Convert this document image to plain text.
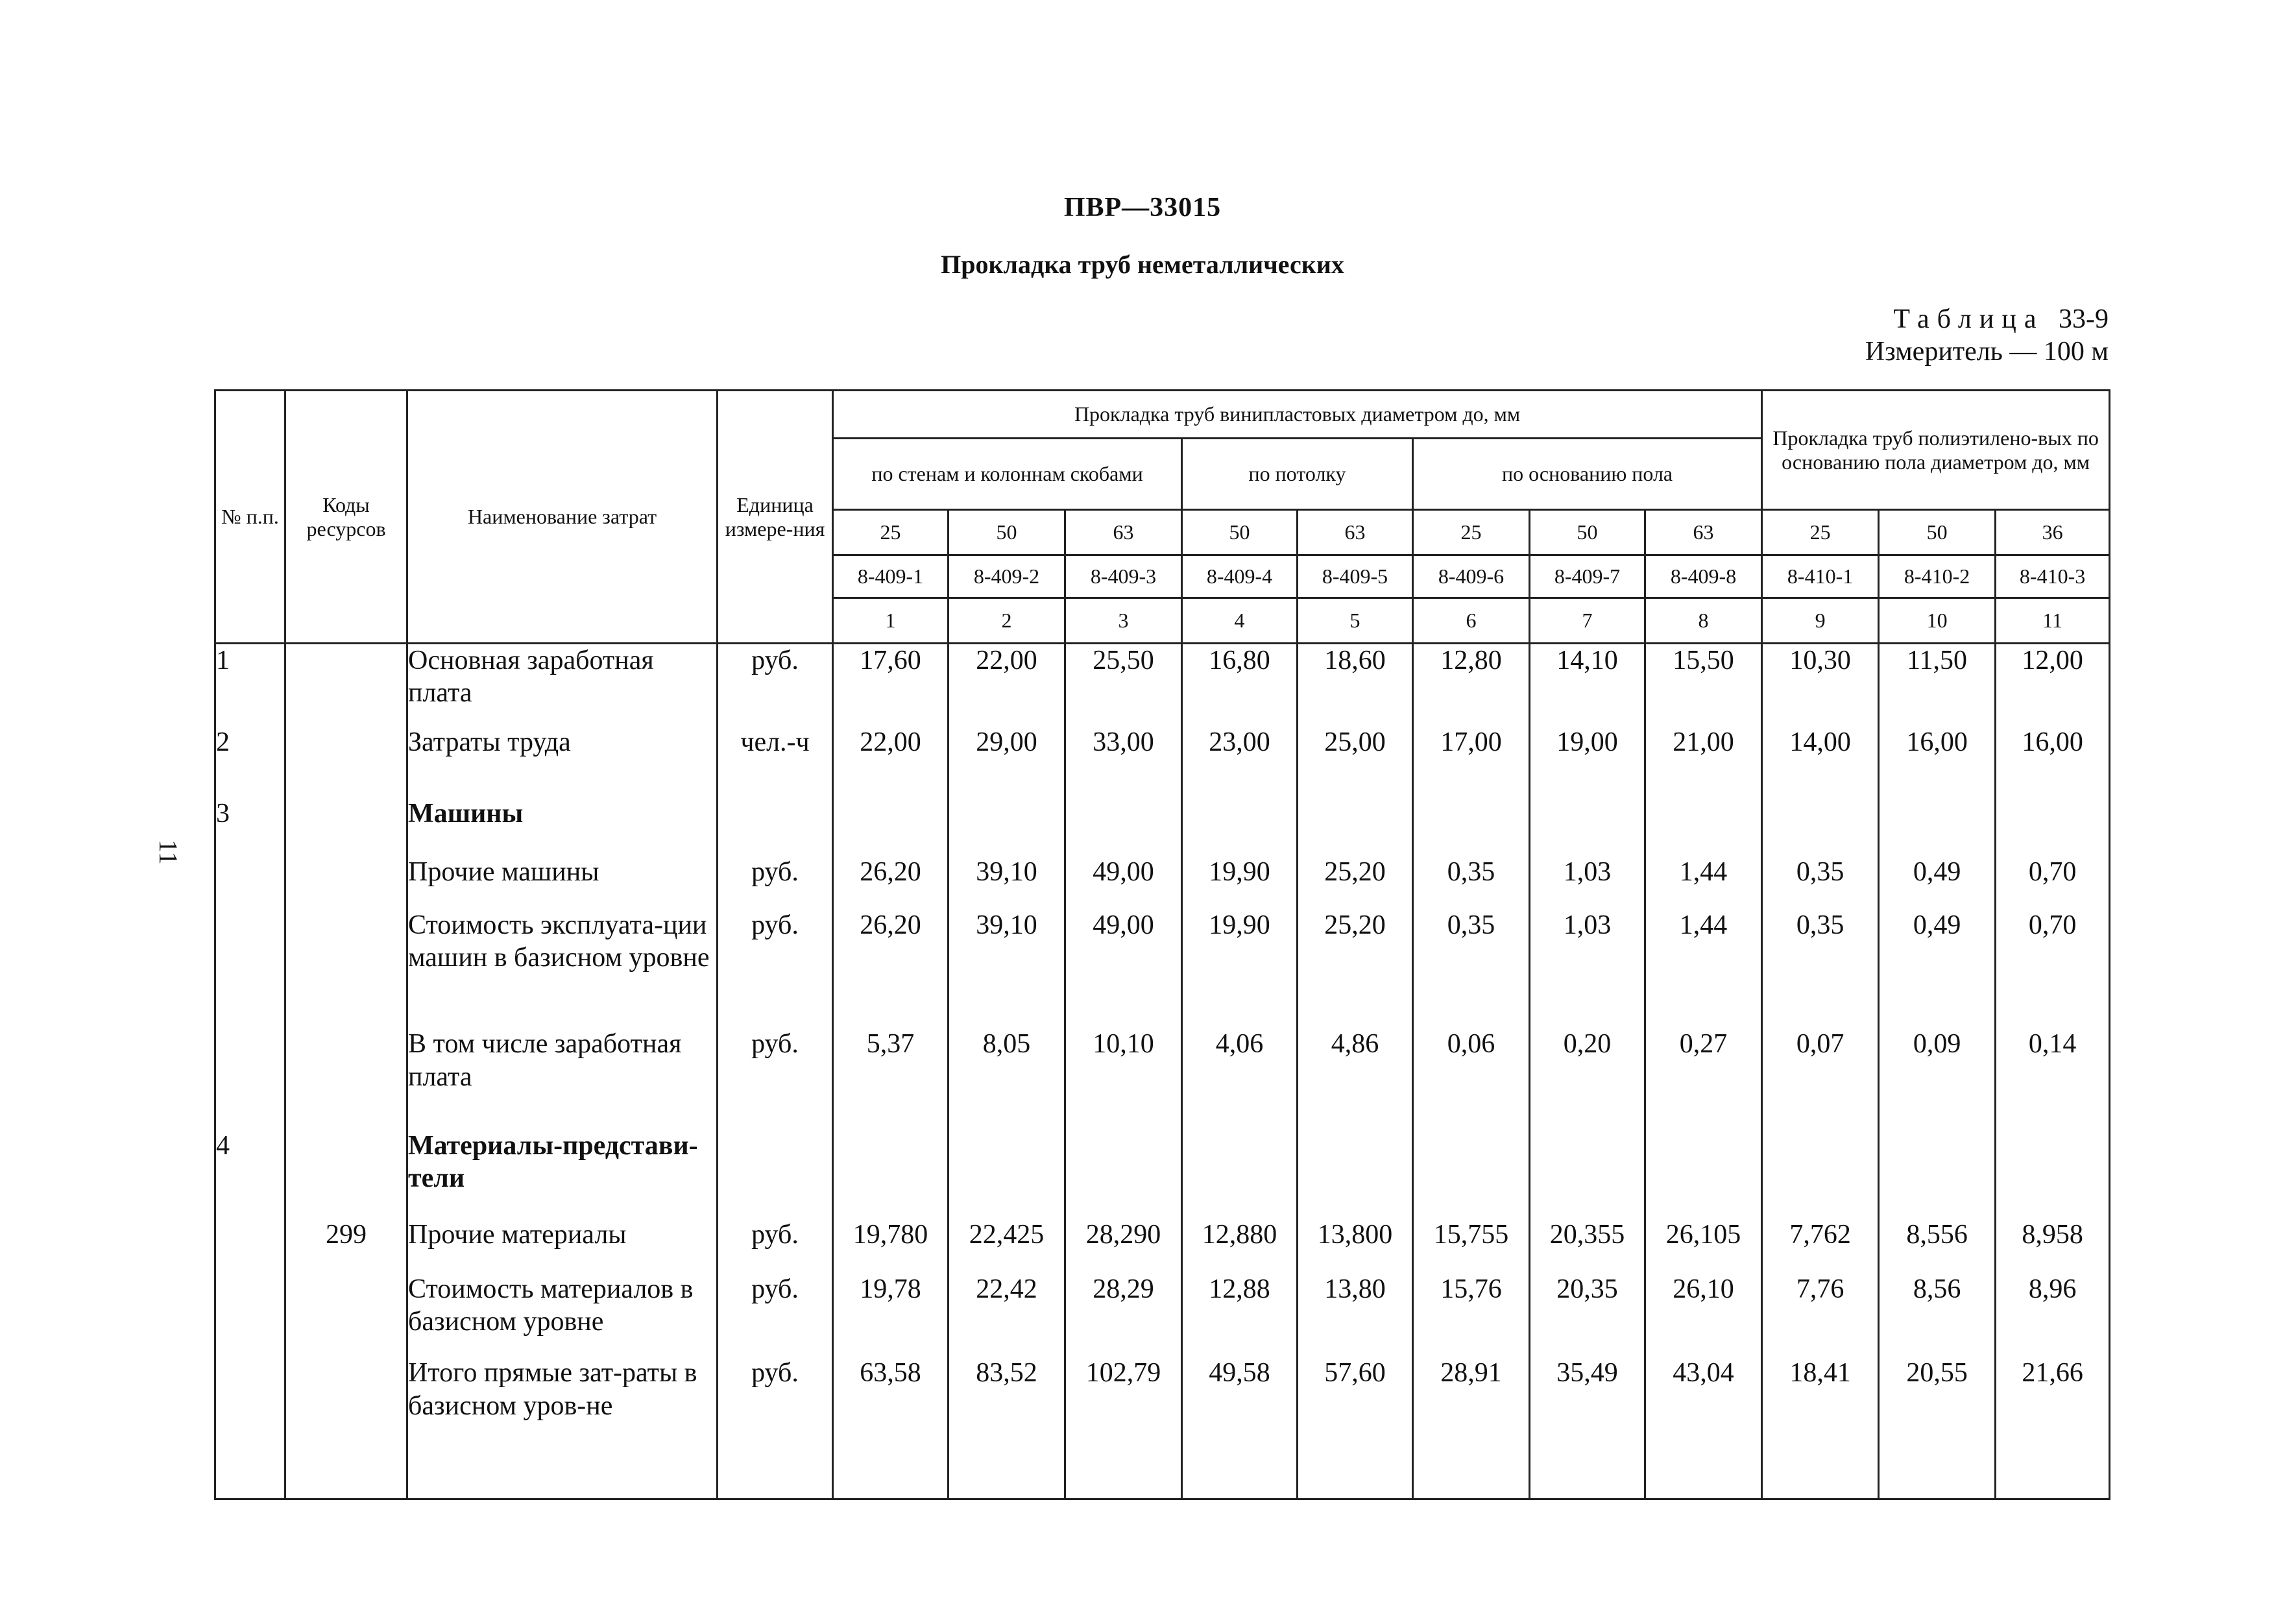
ПВР—33015
Прокладка труб неметаллических
Таблица 33-9
Измеритель — 100 м
11
№ п.п.	Коды ресурсов	Наименование затрат	Единица измере-ния	Прокладка труб винипластовых диаметром до, мм								Прокладка труб полиэтилено-вых по основанию пола диаметром до, мм		
				по стенам и колоннам скобами			по потолку		по основанию пола					
				25	50	63	50	63	25	50	63	25	50	36
				8-409-1	8-409-2	8-409-3	8-409-4	8-409-5	8-409-6	8-409-7	8-409-8	8-410-1	8-410-2	8-410-3
				1	2	3	4	5	6	7	8	9	10	11
1		Основная заработная плата	руб.	17,60	22,00	25,50	16,80	18,60	12,80	14,10	15,50	10,30	11,50	12,00
2		Затраты труда	чел.-ч	22,00	29,00	33,00	23,00	25,00	17,00	19,00	21,00	14,00	16,00	16,00
3		Машины												
		Прочие машины	руб.	26,20	39,10	49,00	19,90	25,20	0,35	1,03	1,44	0,35	0,49	0,70
		Стоимость эксплуата-ции машин в базисном уровне	руб.	26,20	39,10	49,00	19,90	25,20	0,35	1,03	1,44	0,35	0,49	0,70
		В том числе заработная плата	руб.	5,37	8,05	10,10	4,06	4,86	0,06	0,20	0,27	0,07	0,09	0,14
4		Материалы-представи-тели												
	299	Прочие материалы	руб.	19,780	22,425	28,290	12,880	13,800	15,755	20,355	26,105	7,762	8,556	8,958
		Стоимость материалов в базисном уровне	руб.	19,78	22,42	28,29	12,88	13,80	15,76	20,35	26,10	7,76	8,56	8,96
		Итого прямые зат-раты в базисном уров-не	руб.	63,58	83,52	102,79	49,58	57,60	28,91	35,49	43,04	18,41	20,55	21,66
